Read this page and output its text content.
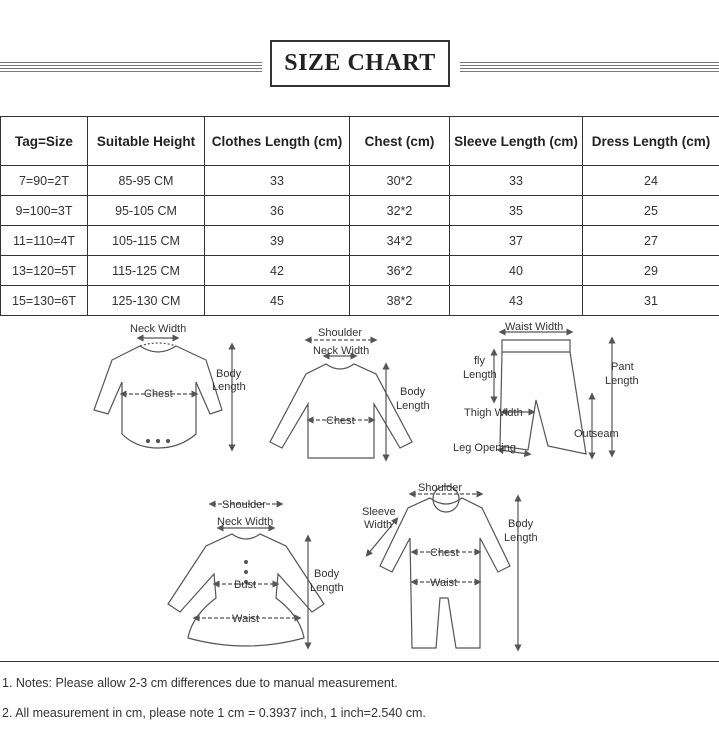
SIZE CHART
Tag=Size	Suitable Height	Clothes Length (cm)	Chest (cm)	Sleeve Length (cm)	Dress Length (cm)
7=90=2T	85-95 CM	33	30*2	33	24
9=100=3T	95-105 CM	36	32*2	35	25
11=110=4T	105-115 CM	39	34*2	37	27
13=120=5T	115-125 CM	42	36*2	40	29
15=130=6T	125-130 CM	45	38*2	43	31
Neck Width
Chest
Body
Length
Shoulder
Neck Width
Chest
Body
Length
Waist Width
fly
Length
Pant
Length
Thigh Width
Outseam
Leg Opening
Shoulder
Neck Width
Bust
Waist
Body
Length
Shoulder
Sleeve
Width
Chest
Waist
Body
Length
1. Notes: Please allow 2-3 cm differences due to manual measurement.
2. All measurement in cm, please note 1 cm = 0.3937 inch, 1 inch=2.540 cm.
